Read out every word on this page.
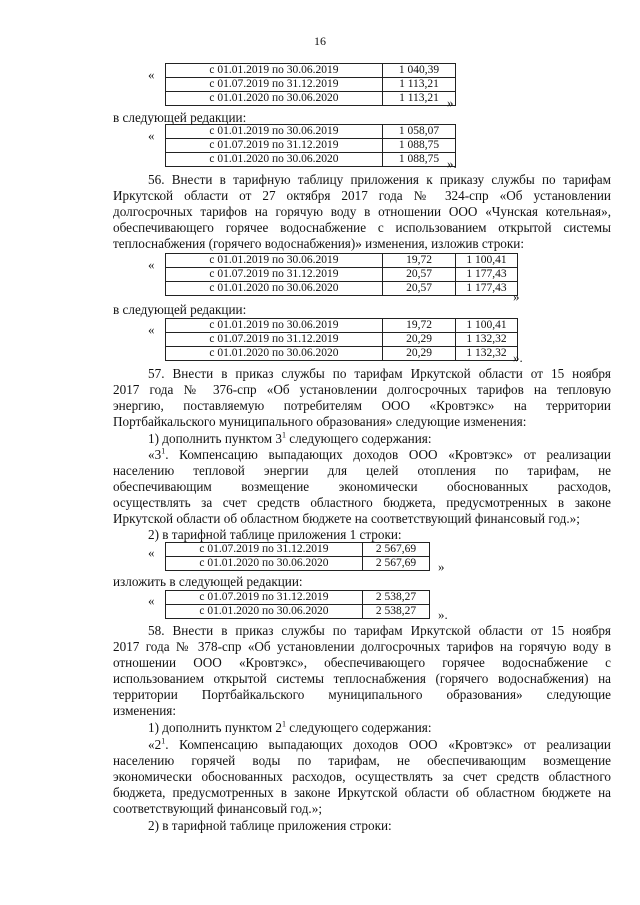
16
«	с 01.01.2019 по 30.06.2019	1 040,39
с 01.07.2019 по 31.12.2019	1 113,21
с 01.01.2020 по 30.06.2020	1 113,21 »
в следующей редакции:
«	с 01.01.2019 по 30.06.2019	1 058,07
с 01.07.2019 по 31.12.2019	1 088,75
с 01.01.2020 по 30.06.2020	1 088,75 ».
56. Внести в тарифную таблицу приложения к приказу службы по тарифам
Иркутской области от 27 октября 2017 года № 324-спр «Об установлении
долгосрочных тарифов на горячую воду в отношении ООО «Чунская котельная»,
обеспечивающего горячее водоснабжение с использованием открытой системы
теплоснабжения (горячего водоснабжения)» изменения, изложив строки:
«	с 01.01.2019 по 30.06.2019	19,72	1 100,41
с 01.07.2019 по 31.12.2019	20,57	1 177,43
с 01.01.2020 по 30.06.2020	20,57	1 177,43
»
в следующей редакции:
«	с 01.01.2019 по 30.06.2019	19,72	1 100,41
с 01.07.2019 по 31.12.2019	20,29	1 132,32
с 01.01.2020 по 30.06.2020	20,29	1 132,32 ».
57. Внести в приказ службы по тарифам Иркутской области от 15 ноября
2017 года № 376-спр «Об установлении долгосрочных тарифов на тепловую
энергию, поставляемую потребителям ООО «Кровтэкс» на территории
Портбайкальского муниципального образования» следующие изменения:
1) дополнить пунктом $3^1$ следующего содержания:
«$3^1$. Компенсацию выпадающих доходов ООО «Кровтэкс» от реализации
населению тепловой энергии для целей отопления по тарифам, не
обеспечивающим возмещение экономически обоснованных расходов,
осуществлять за счет средств областного бюджета, предусмотренных в законе
Иркутской области об областном бюджете на соответствующий финансовый год.»;
2) в тарифной таблице приложения 1 строки:
«	с 01.07.2019 по 31.12.2019	2 567,69
с 01.01.2020 по 30.06.2020	2 567,69 »
изложить в следующей редакции:
«	с 01.07.2019 по 31.12.2019	2 538,27
с 01.01.2020 по 30.06.2020	2 538,27 ».
58. Внести в приказ службы по тарифам Иркутской области от 15 ноября
2017 года № 378-спр «Об установлении долгосрочных тарифов на горячую воду в
отношении ООО «Кровтэкс», обеспечивающего горячее водоснабжение с
использованием открытой системы теплоснабжения (горячего водоснабжения) на
территории Портбайкальского муниципального образования» следующие
изменения:
1) дополнить пунктом $2^1$ следующего содержания:
«$2^1$. Компенсацию выпадающих доходов ООО «Кровтэкс» от реализации
населению горячей воды по тарифам, не обеспечивающим возмещение
экономически обоснованных расходов, осуществлять за счет средств областного
бюджета, предусмотренных в законе Иркутской области об областном бюджете на
соответствующий финансовый год.»;
2) в тарифной таблице приложения строки:
